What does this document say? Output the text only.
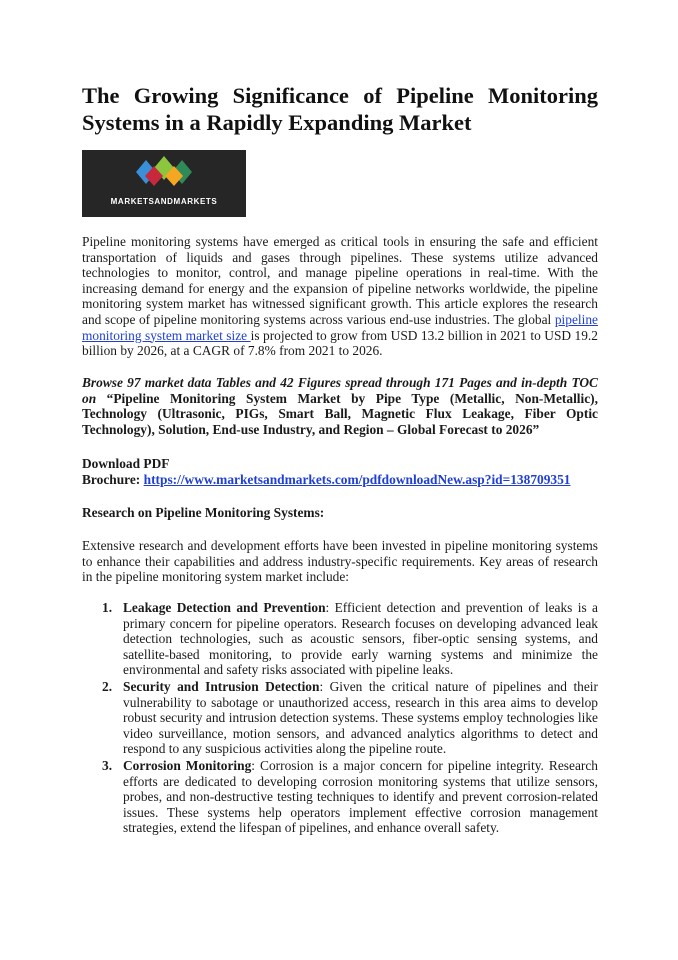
The Growing Significance of Pipeline Monitoring Systems in a Rapidly Expanding Market
MARKETSANDMARKETS

Pipeline monitoring systems have emerged as critical tools in ensuring the safe and efficient transportation of liquids and gases through pipelines. These systems utilize advanced technologies to monitor, control, and manage pipeline operations in real-time. With the increasing demand for energy and the expansion of pipeline networks worldwide, the pipeline monitoring system market has witnessed significant growth. This article explores the research and scope of pipeline monitoring systems across various end-use industries. The global pipeline monitoring system market size is projected to grow from USD 13.2 billion in 2021 to USD 19.2 billion by 2026, at a CAGR of 7.8% from 2021 to 2026.

Browse 97 market data Tables and 42 Figures spread through 171 Pages and in-depth TOC on “Pipeline Monitoring System Market by Pipe Type (Metallic, Non-Metallic), Technology (Ultrasonic, PIGs, Smart Ball, Magnetic Flux Leakage, Fiber Optic Technology), Solution, End-use Industry, and Region – Global Forecast to 2026”

Download PDF
Brochure: https://www.marketsandmarkets.com/pdfdownloadNew.asp?id=138709351

Research on Pipeline Monitoring Systems:

Extensive research and development efforts have been invested in pipeline monitoring systems to enhance their capabilities and address industry-specific requirements. Key areas of research in the pipeline monitoring system market include:

1. Leakage Detection and Prevention: Efficient detection and prevention of leaks is a primary concern for pipeline operators. Research focuses on developing advanced leak detection technologies, such as acoustic sensors, fiber-optic sensing systems, and satellite-based monitoring, to provide early warning systems and minimize the environmental and safety risks associated with pipeline leaks.
2. Security and Intrusion Detection: Given the critical nature of pipelines and their vulnerability to sabotage or unauthorized access, research in this area aims to develop robust security and intrusion detection systems. These systems employ technologies like video surveillance, motion sensors, and advanced analytics algorithms to detect and respond to any suspicious activities along the pipeline route.
3. Corrosion Monitoring: Corrosion is a major concern for pipeline integrity. Research efforts are dedicated to developing corrosion monitoring systems that utilize sensors, probes, and non-destructive testing techniques to identify and prevent corrosion-related issues. These systems help operators implement effective corrosion management strategies, extend the lifespan of pipelines, and enhance overall safety.
